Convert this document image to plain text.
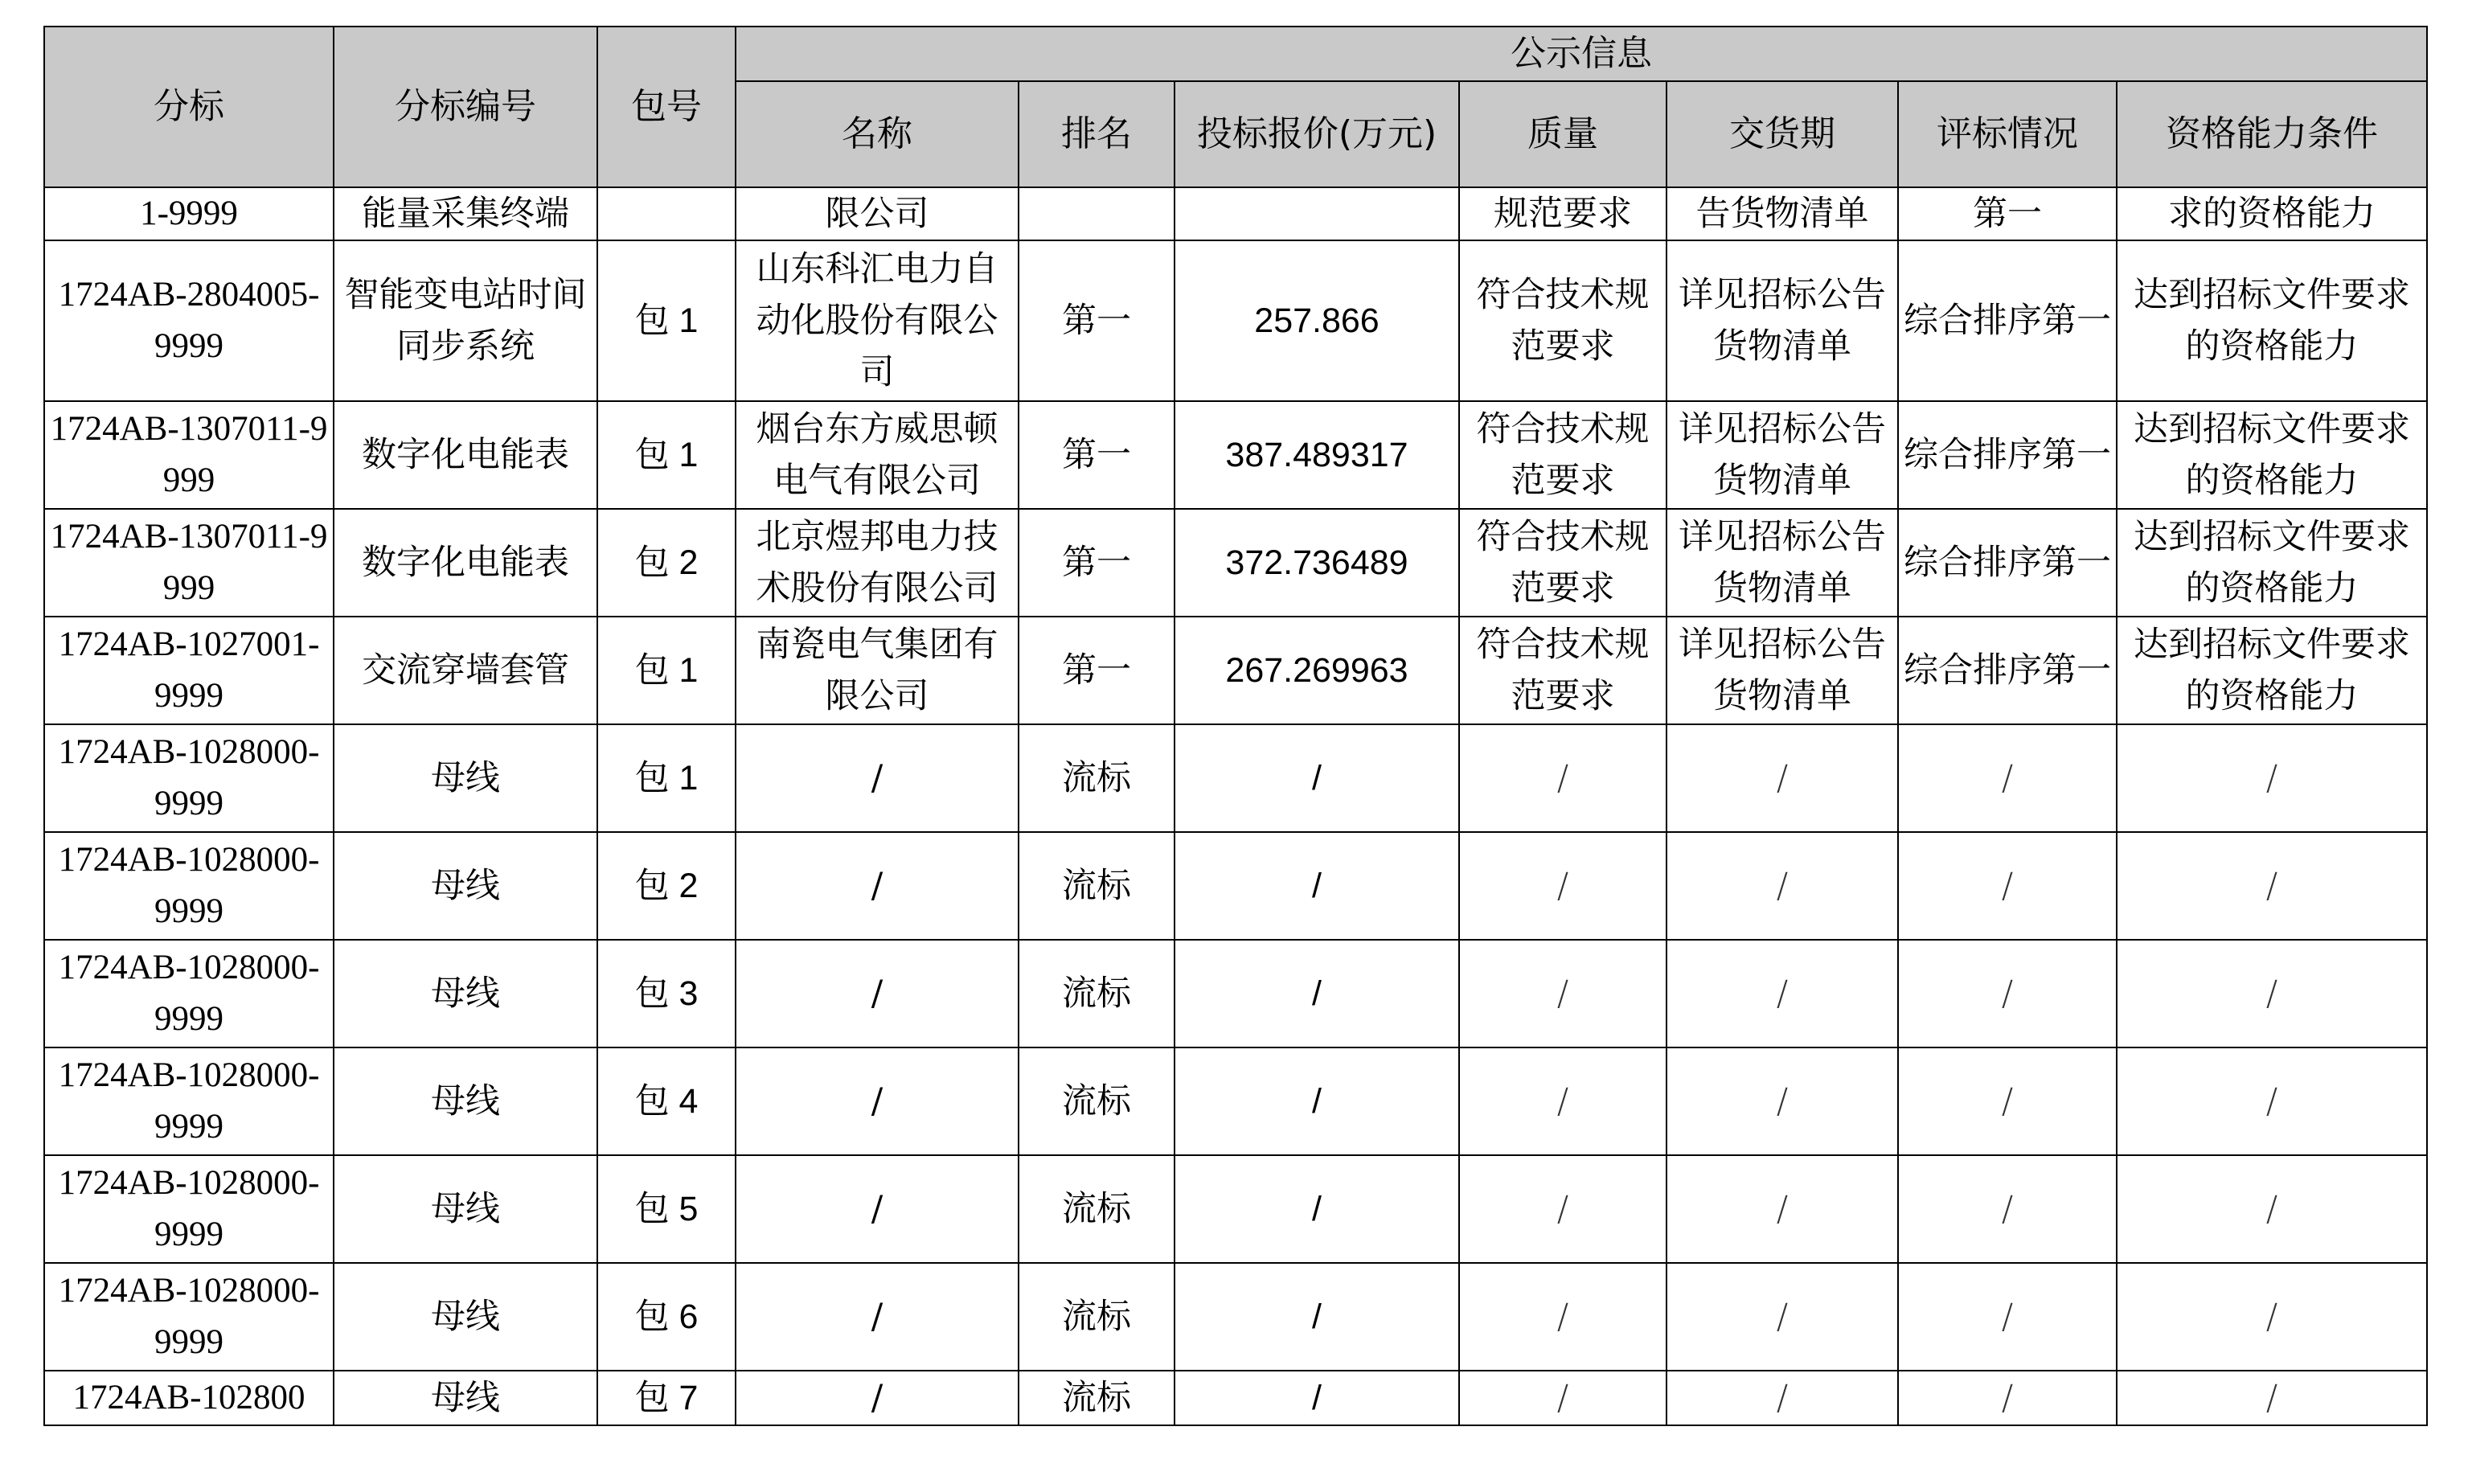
分标	分标编号	包号	公示信息						
			名称	排名	投标报价(万元)	质量	交货期	评标情况	资格能力条件
1-9999	能量采集终端		限公司			规范要求	告货物清单	第一	求的资格能力
1724AB-2804005-9999	智能变电站时间同步系统	包 1	山东科汇电力自动化股份有限公司	第一	257.866	符合技术规范要求	详见招标公告货物清单	综合排序第一	达到招标文件要求的资格能力
1724AB-1307011-9999	数字化电能表	包 1	烟台东方威思顿电气有限公司	第一	387.489317	符合技术规范要求	详见招标公告货物清单	综合排序第一	达到招标文件要求的资格能力
1724AB-1307011-9999	数字化电能表	包 2	北京煜邦电力技术股份有限公司	第一	372.736489	符合技术规范要求	详见招标公告货物清单	综合排序第一	达到招标文件要求的资格能力
1724AB-1027001-9999	交流穿墙套管	包 1	南瓷电气集团有限公司	第一	267.269963	符合技术规范要求	详见招标公告货物清单	综合排序第一	达到招标文件要求的资格能力
1724AB-1028000-9999	母线	包 1	/	流标	/	/	/	/	/
1724AB-1028000-9999	母线	包 2	/	流标	/	/	/	/	/
1724AB-1028000-9999	母线	包 3	/	流标	/	/	/	/	/
1724AB-1028000-9999	母线	包 4	/	流标	/	/	/	/	/
1724AB-1028000-9999	母线	包 5	/	流标	/	/	/	/	/
1724AB-1028000-9999	母线	包 6	/	流标	/	/	/	/	/
1724AB-102800	母线	包 7	/	流标	/	/	/	/	/
